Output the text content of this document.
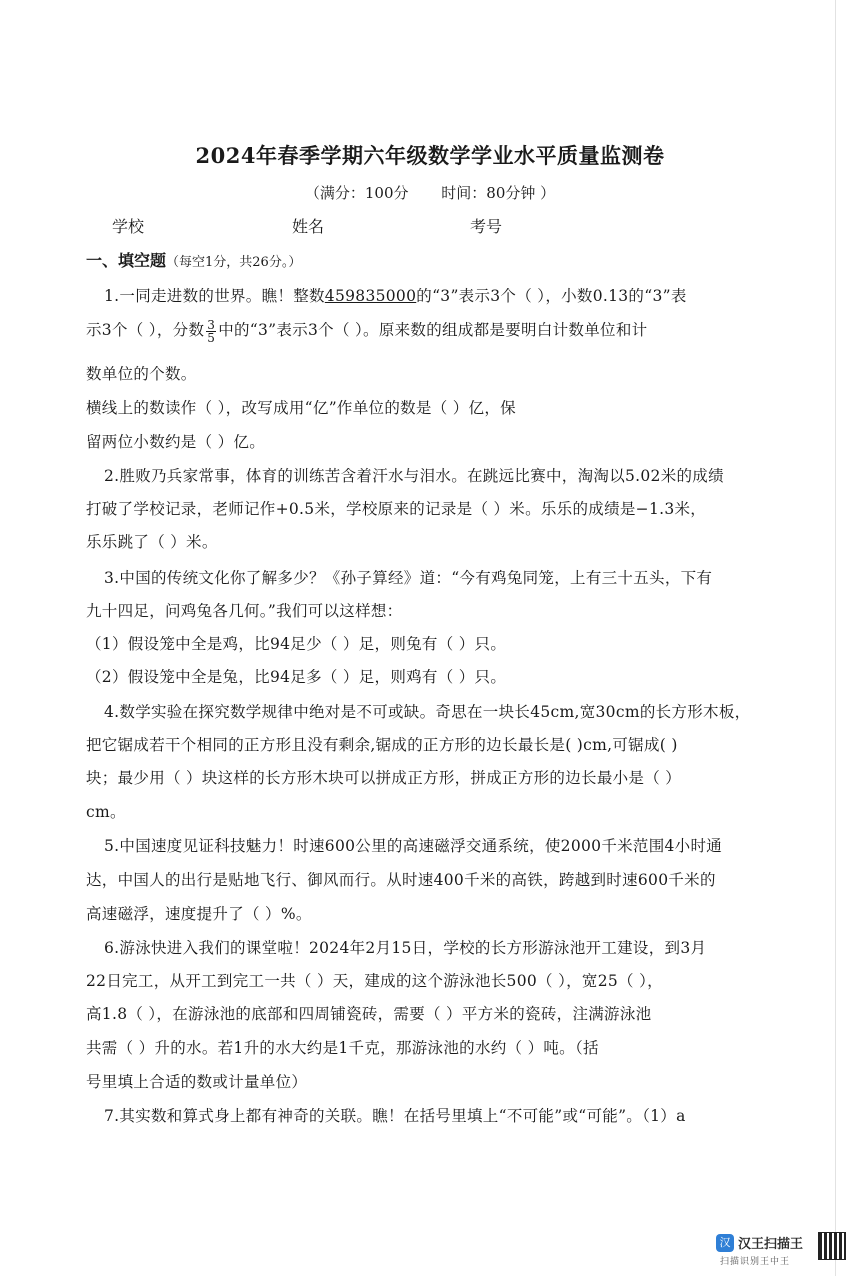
2024年春季学期六年级数学学业水平质量监测卷
（满分：100分 时间：80分钟 ）
学校	姓名	考号
一、填空题（每空1分，共26分。）
1.一同走进数的世界。瞧！整数459835000的“3”表示3个（ ），小数0.13的“3”表
示3个（ ），分数 $\frac{3}{5}$ 中的“3”表示3个（ ）。原来数的组成都是要明白计数单位和计
数单位的个数。
横线上的数读作（ ），改写成用“亿”作单位的数是（ ）亿，保
留两位小数约是（ ）亿。
2.胜败乃兵家常事，体育的训练苦含着汗水与泪水。在跳远比赛中，淘淘以5.02米的成绩
打破了学校记录，老师记作+0.5米，学校原来的记录是（ ）米。乐乐的成绩是−1.3米，
乐乐跳了（ ）米。
3.中国的传统文化你了解多少？《孙子算经》道：“今有鸡兔同笼，上有三十五头，下有
九十四足，问鸡兔各几何。”我们可以这样想：
（1）假设笼中全是鸡，比94足少（ ）足，则兔有（ ）只。
（2）假设笼中全是兔，比94足多（ ）足，则鸡有（ ）只。
4.数学实验在探究数学规律中绝对是不可或缺。奇思在一块长45cm,宽30cm的长方形木板，
把它锯成若干个相同的正方形且没有剩余,锯成的正方形的边长最长是( )cm,可锯成( )
块；最少用（ ）块这样的长方形木块可以拼成正方形，拼成正方形的边长最小是（ ）
cm。
5.中国速度见证科技魅力！时速600公里的高速磁浮交通系统，使2000千米范围4小时通
达，中国人的出行是贴地飞行、御风而行。从时速400千米的高铁，跨越到时速600千米的
高速磁浮，速度提升了（ ）%。
6.游泳快进入我们的课堂啦！2024年2月15日，学校的长方形游泳池开工建设，到3月
22日完工，从开工到完工一共（ ）天，建成的这个游泳池长500（ ），宽25（ ），
高1.8（ ），在游泳池的底部和四周铺瓷砖，需要（ ）平方米的瓷砖，注满游泳池
共需（ ）升的水。若1升的水大约是1千克，那游泳池的水约（ ）吨。（括
号里填上合适的数或计量单位）
7.其实数和算式身上都有神奇的关联。瞧！在括号里填上“不可能”或“可能”。（1）a
汉 汉王扫描王
扫描识别王中王
